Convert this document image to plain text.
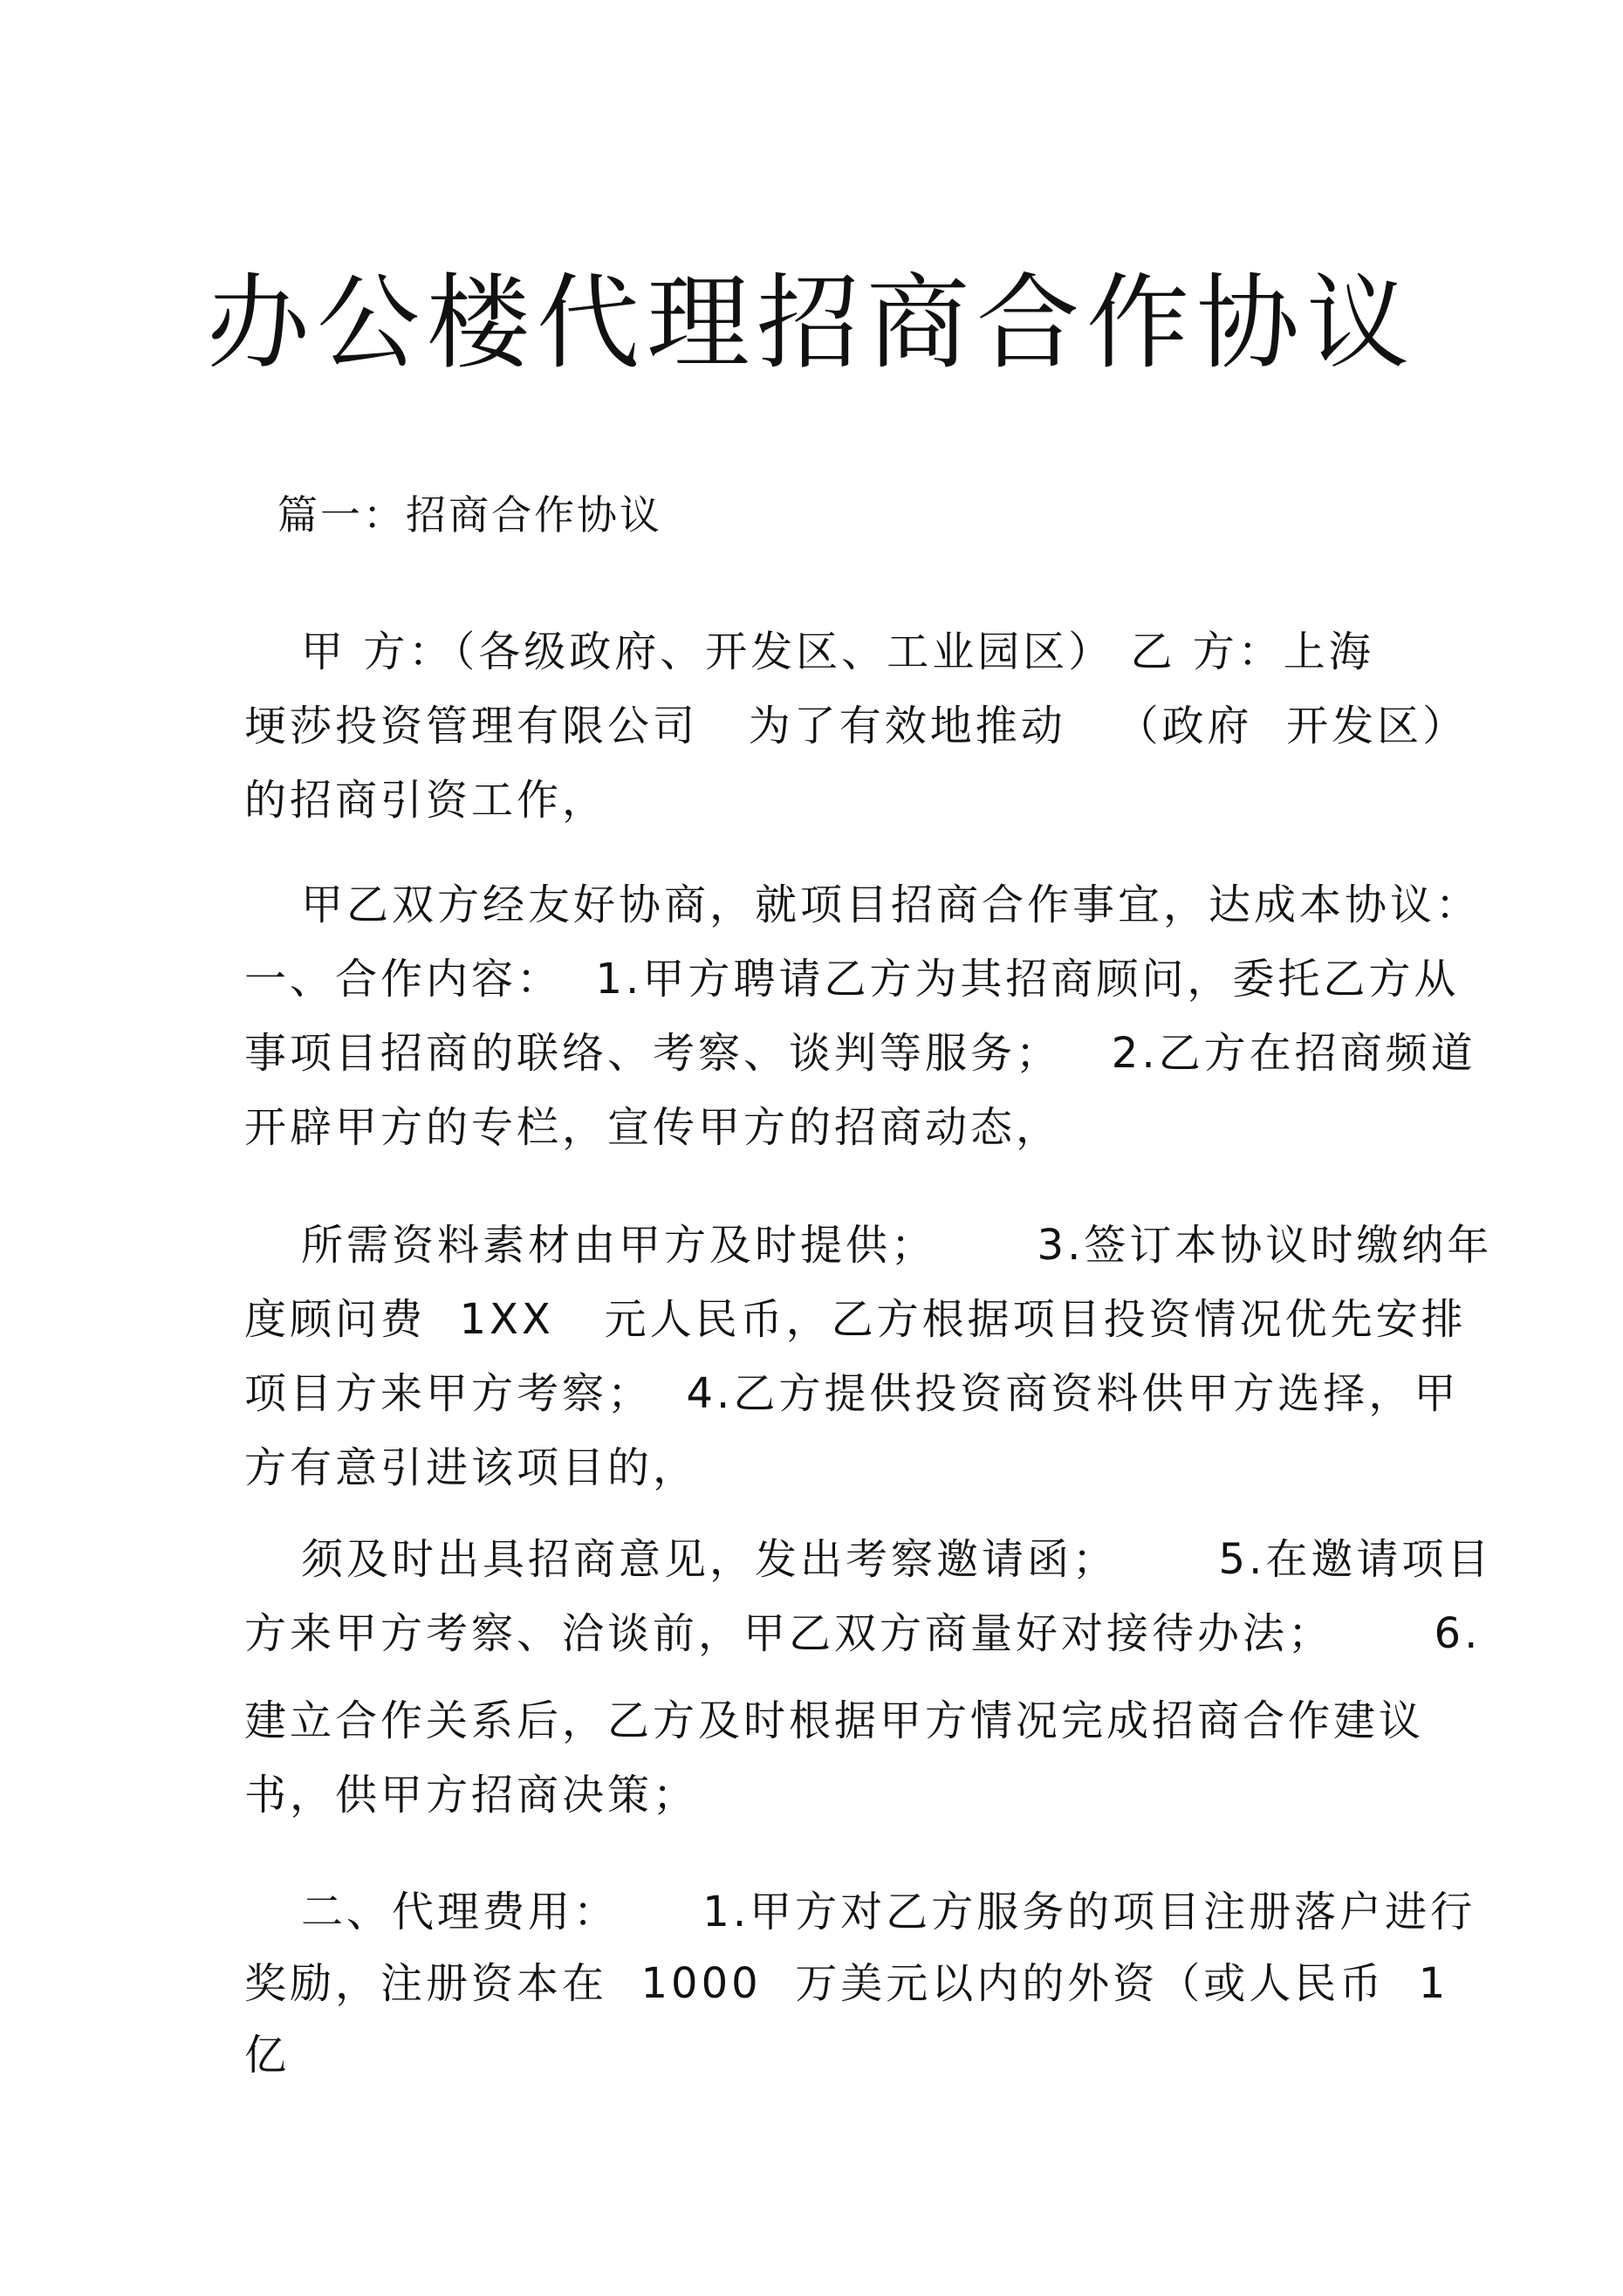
办公楼代理招商合作协议
篇一：招商合作协议
甲 方：（各级政府、开发区、工业园区） 乙 方：上海
埂莎投资管理有限公司   为了有效地推动   （政府  开发区）
的招商引资工作，
甲乙双方经友好协商，就项目招商合作事宜，达成本协议：
一、合作内容：  1.甲方聘请乙方为其招商顾问，委托乙方从
事项目招商的联络、考察、谈判等服务；   2.乙方在招商频道
开辟甲方的专栏，宣传甲方的招商动态，
所需资料素材由甲方及时提供；      3.签订本协议时缴纳年
度顾问费  1XX   元人民币，乙方根据项目投资情况优先安排
项目方来甲方考察；  4.乙方提供投资商资料供甲方选择，甲
方有意引进该项目的，
须及时出具招商意见，发出考察邀请函；      5.在邀请项目
方来甲方考察、洽谈前，甲乙双方商量好对接待办法；      6.
建立合作关系后，乙方及时根据甲方情况完成招商合作建议
书，供甲方招商决策；
二、代理费用：     1.甲方对乙方服务的项目注册落户进行
奖励，注册资本在  1000  万美元以内的外资（或人民币  1
亿
